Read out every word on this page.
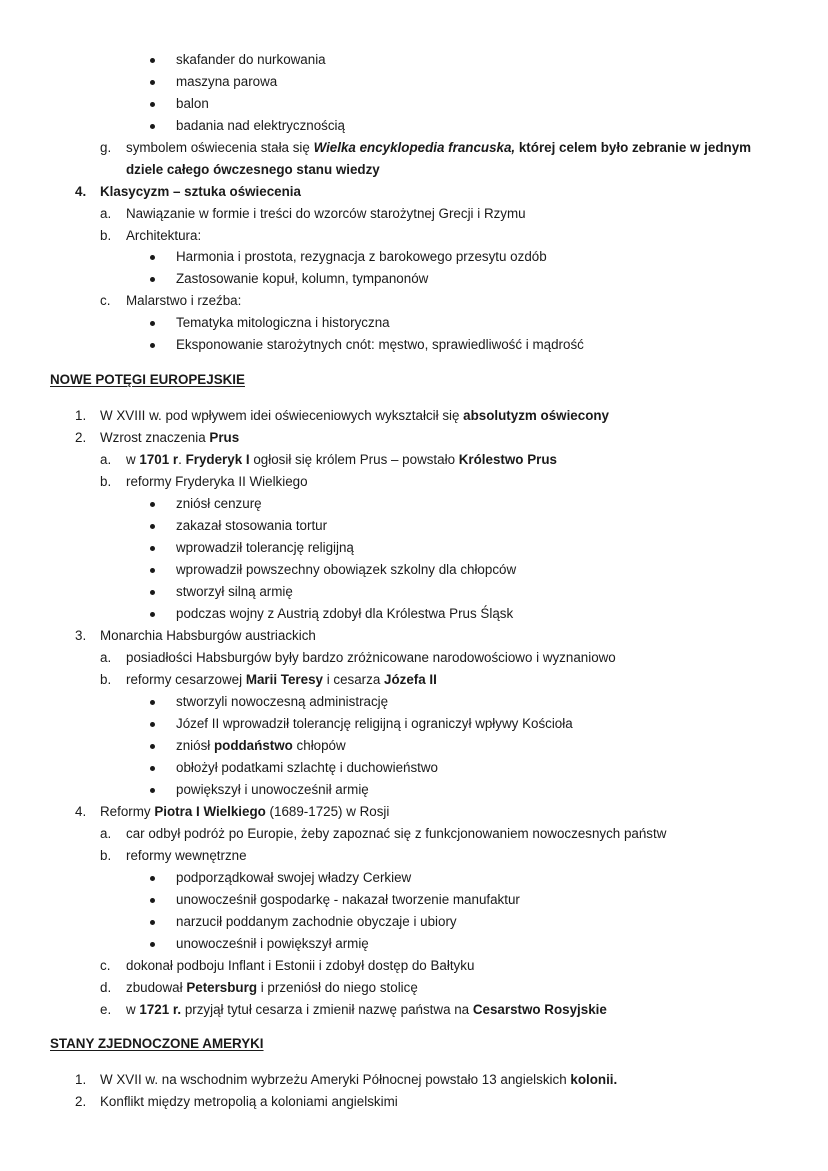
skafander do nurkowania
maszyna parowa
balon
badania nad elektrycznością
g. symbolem oświecenia stała się Wielka encyklopedia francuska, której celem było zebranie w jednym
dziele całego ówczesnego stanu wiedzy
4. Klasycyzm – sztuka oświecenia
a. Nawiązanie w formie i treści do wzorców starożytnej Grecji i Rzymu
b. Architektura:
Harmonia i prostota, rezygnacja z barokowego przesytu ozdób
Zastosowanie kopuł, kolumn, tympanonów
c. Malarstwo i rzeźba:
Tematyka mitologiczna i historyczna
Eksponowanie starożytnych cnót: męstwo, sprawiedliwość i mądrość
NOWE POTĘGI EUROPEJSKIE
1. W XVIII w. pod wpływem idei oświeceniowych wykształcił się absolutyzm oświecony
2. Wzrost znaczenia Prus
a. w 1701 r. Fryderyk I ogłosił się królem Prus – powstało Królestwo Prus
b. reformy Fryderyka II Wielkiego
zniósł cenzurę
zakazał stosowania tortur
wprowadził tolerancję religijną
wprowadził powszechny obowiązek szkolny dla chłopców
stworzył silną armię
podczas wojny z Austrią zdobył dla Królestwa Prus Śląsk
3. Monarchia Habsburgów austriackich
a. posiadłości Habsburgów były bardzo zróżnicowane narodowościowo i wyznaniowo
b. reformy cesarzowej Marii Teresy i cesarza Józefa II
stworzyli nowoczesną administrację
Józef II wprowadził tolerancję religijną i ograniczył wpływy Kościoła
zniósł poddaństwo chłopów
obłożył podatkami szlachtę i duchowieństwo
powiększył i unowocześnił armię
4. Reformy Piotra I Wielkiego (1689-1725) w Rosji
a. car odbył podróż po Europie, żeby zapoznać się z funkcjonowaniem nowoczesnych państw
b. reformy wewnętrzne
podporządkował swojej władzy Cerkiew
unowocześnił gospodarkę - nakazał tworzenie manufaktur
narzucił poddanym zachodnie obyczaje i ubiory
unowocześnił i powiększył armię
c. dokonał podboju Inflant i Estonii i zdobył dostęp do Bałtyku
d. zbudował Petersburg i przeniósł do niego stolicę
e. w 1721 r. przyjął tytuł cesarza i zmienił nazwę państwa na Cesarstwo Rosyjskie
STANY ZJEDNOCZONE AMERYKI
1. W XVII w. na wschodnim wybrzeżu Ameryki Północnej powstało 13 angielskich kolonii.
2. Konflikt między metropolią a koloniami angielskimi
